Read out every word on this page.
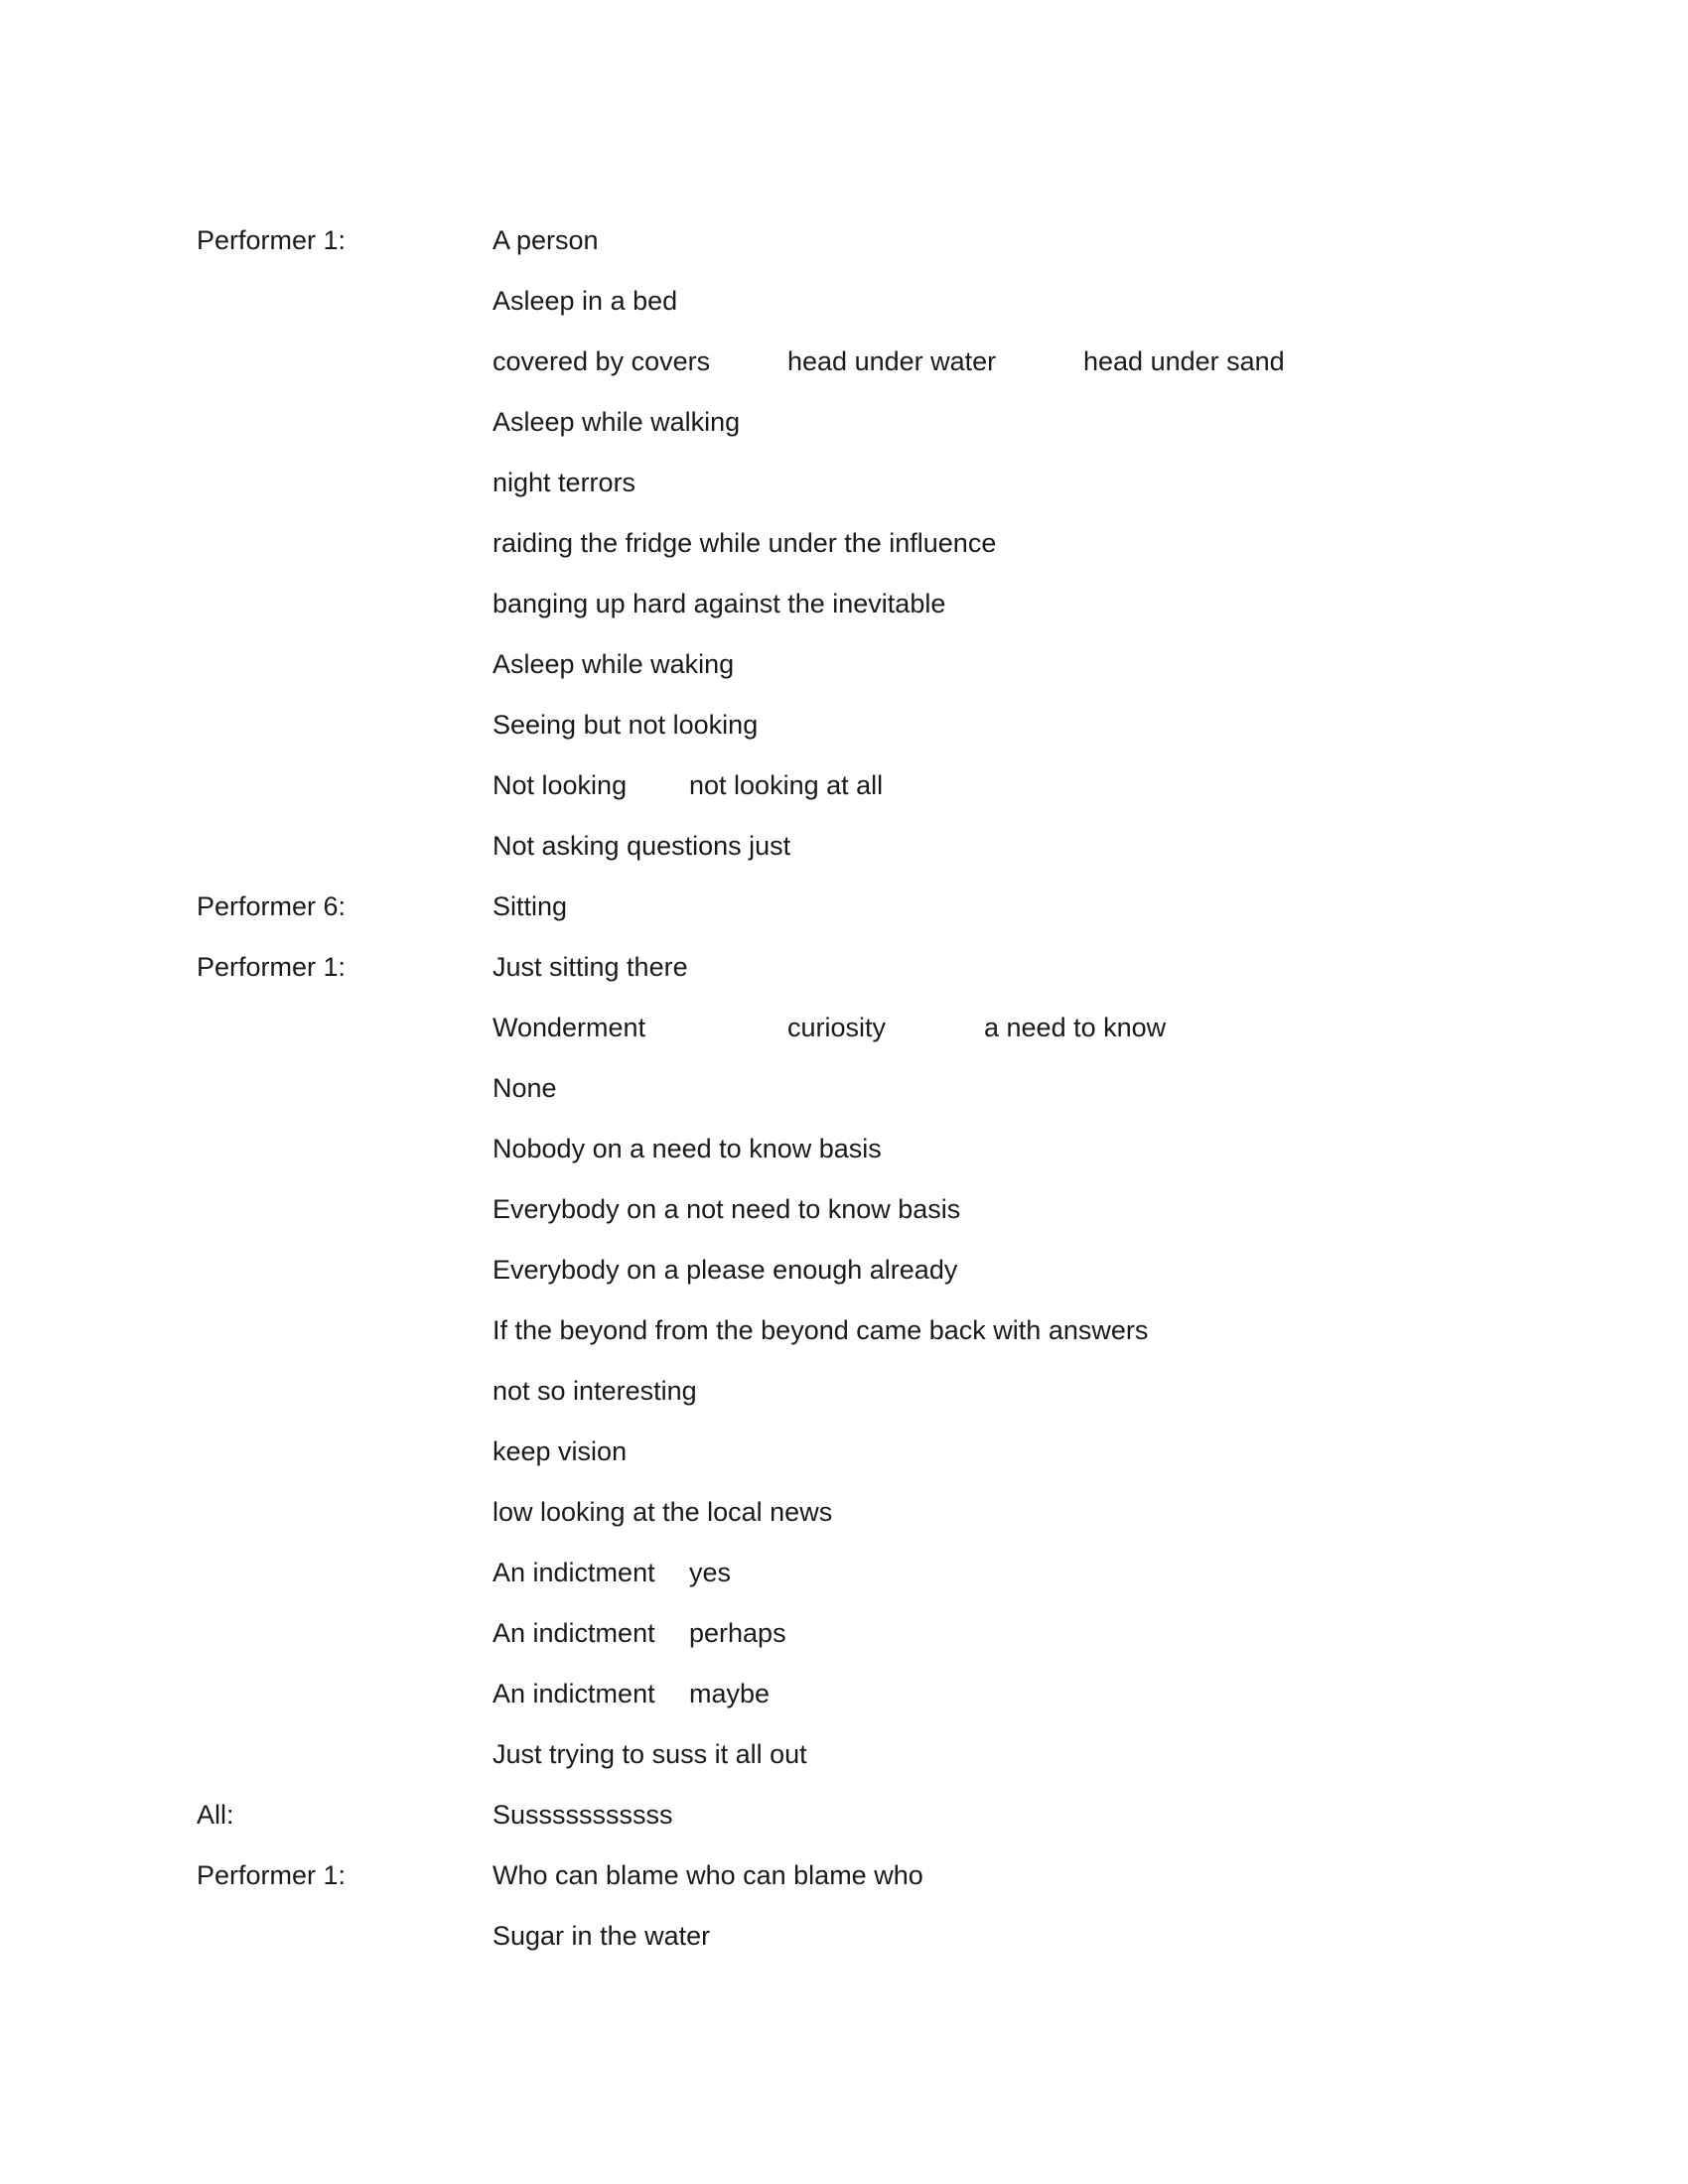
Performer 1:	A person
Asleep in a bed
covered by covers	head under water	head under sand
Asleep while walking
night terrors
raiding the fridge while under the influence
banging up hard against the inevitable
Asleep while waking
Seeing but not looking
Not looking not looking at all
Not asking questions just
Performer 6:	Sitting
Performer 1:	Just sitting there
Wonderment	curiosity	a need to know
None
Nobody on a need to know basis
Everybody on a not need to know basis
Everybody on a please enough already
If the beyond from the beyond came back with answers
not so interesting
keep vision
low looking at the local news
An indictment yes
An indictment perhaps
An indictment maybe
Just trying to suss it all out
All:	Susssssssssss
Performer 1:	Who can blame who can blame who
Sugar in the water
